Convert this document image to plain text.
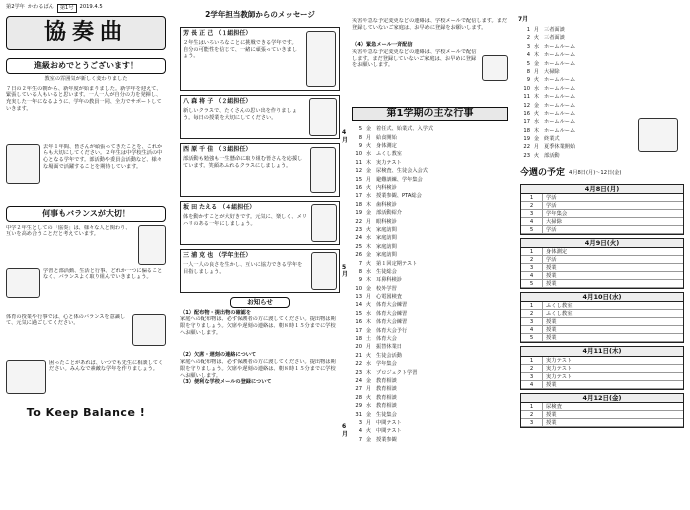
第2学年 かわるばん	第1号	2019.4.5
協奏曲
進級おめでとうございます！
教室の雰囲気が新しく変わりました
７日の２年生の朝から、新年度が始まりました。新学年を迎えて、緊張している人もいると思います。一人一人が自分の力を発揮し、充実した一年になるように、学年の教員一同、全力でサポートしていきます。
去年１年間、皆さんが頑張ってきたことを、これからも大切にしてください。２年生は中学校生活の中心となる学年です。部活動や委員会活動など、様々な場面で活躍することを期待しています。
何事もバランスが大切！
中学２年生としての「協奏」は、様々な人と関わり、互いを高め合うことだと考えています。
学習と部活動、生活と行事、どれか一つに偏ることなく、バランスよく取り組んでいきましょう。
体育の授業や行事では、心と体のバランスを意識して、元気に過ごしてください。
困ったことがあれば、いつでも先生に相談してください。みんなで素敵な学年を作りましょう。
To Keep Balance !
2学年担当教師からのメッセージ
芳 長 正 己 （１組担任）
２年生はいろいろなことに挑戦できる学年です。自分の可能性を信じて、一緒に頑張っていきましょう。
八 森 将 子 （２組担任）
新しいクラスで、たくさんの思い出を作りましょう。毎日の授業を大切にしてください。
西 原 千 佳 （３組担任）
部活動も勉強も一生懸命に取り組む皆さんを応援しています。笑顔あふれるクラスにしましょう。
坂 田 たえる （４組担任）
体を動かすことが大好きです。元気に、楽しく、メリハリのある一年にしましょう。
三 浦 克 也 （学年主任）
一人一人の良さを生かし、互いに協力できる学年を目指しましょう。
お知らせ
（1）配布物・提出物の確認を
家庭への配布物は、必ず保護者の方に渡してください。提出物は期限を守りましょう。欠席や遅刻の連絡は、朝８時１５分までに学校へお願いします。
（2）欠席・遅刻の連絡について
家庭への配布物は、必ず保護者の方に渡してください。提出物は期限を守りましょう。欠席や遅刻の連絡は、朝８時１５分までに学校へお願いします。
（3）便利な学校メールの登録について
災害や急な予定変更などの連絡は、学校メールで配信します。まだ登録していないご家庭は、お早めに登録をお願いします。
（4）緊急メール一斉配信
災害や急な予定変更などの連絡は、学校メールで配信します。まだ登録していないご家庭は、お早めに登録をお願いします。
第1学期の主な行事
5 金 着任式、始業式、入学式
8 月 給食開始
9 火 身体測定
10 水 ふくし教室
11 木 実力テスト
12 金 尿検査、生徒会入会式
15 月 避難訓練、学年集会
16 火 内科検診
17 水 授業参観、PTA総会
18 木 歯科検診
19 金 部活動紹介
22 月 眼科検診
23 火 家庭訪問
24 水 家庭訪問
25 木 家庭訪問
26 金 家庭訪問
7 火 第１回定期テスト
8 水 生徒総会
9 木 耳鼻科検診
10 金 校外学習
13 月 心電図検査
14 火 体育大会練習
15 水 体育大会練習
16 木 体育大会練習
17 金 体育大会予行
18 土 体育大会
20 月 振替休業日
21 火 生徒会活動
22 水 学年集会
23 木 プロジェクト学習
24 金 教育相談
27 月 教育相談
28 火 教育相談
29 水 教育相談
31 金 生徒集会
3 月 中間テスト
4 火 中間テスト
7 金 授業参観
4月
5月
6月
1 月 三者面談
2 火 三者面談
3 水 ホームルーム
4 木 ホームルーム
5 金 ホームルーム
8 月 大掃除
9 火 ホームルーム
10 水 ホームルーム
11 木 ホームルーム
12 金 ホームルーム
16 火 ホームルーム
17 水 ホームルーム
18 木 ホームルーム
19 金 終業式
22 月 夏季休業開始
23 火 部活動
7月
今週の予定 4月8日(月)～12日(金)
4月8日(月)
1	学活
2	学活
3	学年集会
4	大掃除
5	学活
4月9日(火)
1	身体測定
2	学活
3	授業
4	授業
5	授業
4月10日(水)
1	ふくし教室
2	ふくし教室
3	授業
4	授業
5	授業
4月11日(木)
1	実力テスト
2	実力テスト
3	実力テスト
4	授業
4月12日(金)
1	尿検査
2	授業
3	授業
